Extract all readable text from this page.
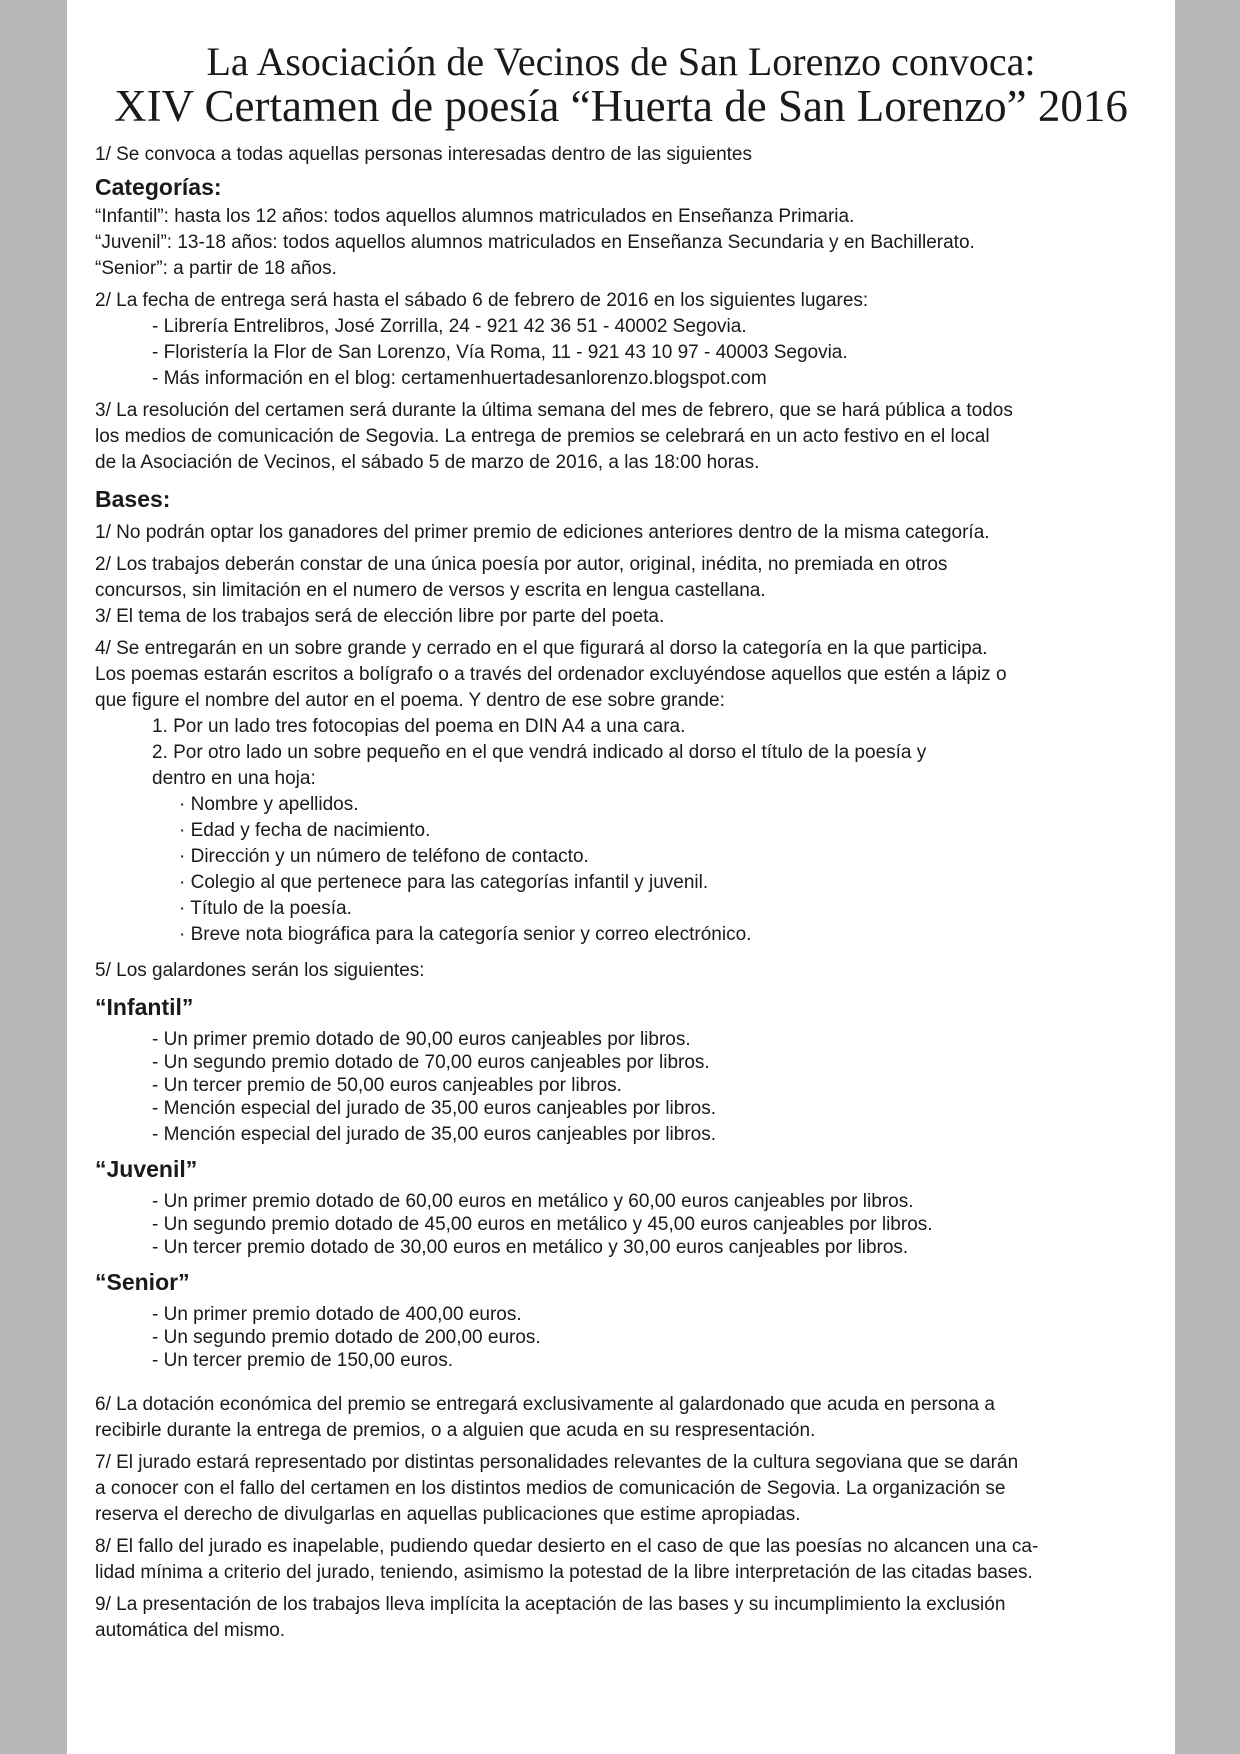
La Asociación de Vecinos de San Lorenzo convoca:
XIV Certamen de poesía “Huerta de San Lorenzo” 2016

1/ Se convoca a todas aquellas personas interesadas dentro de las siguientes

Categorías:

“Infantil”: hasta los 12 años: todos aquellos alumnos matriculados en Enseñanza Primaria.

“Juvenil”: 13-18 años: todos aquellos alumnos matriculados en Enseñanza Secundaria y en Bachillerato.

“Senior”: a partir de 18 años.

2/ La fecha de entrega será hasta el sábado 6 de febrero de 2016 en los siguientes lugares:

- Librería Entrelibros, José Zorrilla, 24 - 921 42 36 51 - 40002 Segovia.

- Floristería la Flor de San Lorenzo, Vía Roma, 11 - 921 43 10 97 - 40003 Segovia.

- Más información en el blog: certamenhuertadesanlorenzo.blogspot.com

3/ La resolución del certamen será durante la última semana del mes de febrero, que se hará pública a todos

los medios de comunicación de Segovia. La entrega de premios se celebrará en un acto festivo en el local

de la Asociación de Vecinos, el sábado 5 de marzo de 2016, a las 18:00 horas.

Bases:

1/ No podrán optar los ganadores del primer premio de ediciones anteriores dentro de la misma categoría.

2/ Los trabajos deberán constar de una única poesía por autor, original, inédita, no premiada en otros

concursos, sin limitación en el numero de versos y escrita en lengua castellana.

3/ El tema de los trabajos será de elección libre por parte del poeta.

4/ Se entregarán en un sobre grande y cerrado en el que figurará al dorso la categoría en la que participa.

Los poemas estarán escritos a bolígrafo o a través del ordenador excluyéndose aquellos que estén a lápiz o

que figure el nombre del autor en el poema. Y dentro de ese sobre grande:

1. Por un lado tres fotocopias del poema en DIN A4 a una cara.

2. Por otro lado un sobre pequeño en el que vendrá indicado al dorso el título de la poesía y

dentro en una hoja:

· Nombre y apellidos.

· Edad y fecha de nacimiento.

· Dirección y un número de teléfono de contacto.

· Colegio al que pertenece para las categorías infantil y juvenil.

· Título de la poesía.

· Breve nota biográfica para la categoría senior y correo electrónico.

5/ Los galardones serán los siguientes:

“Infantil”

- Un primer premio dotado de 90,00 euros canjeables por libros.

- Un segundo premio dotado de 70,00 euros canjeables por libros.

- Un tercer premio de 50,00 euros canjeables por libros.

- Mención especial del jurado de 35,00 euros canjeables por libros.

- Mención especial del jurado de 35,00 euros canjeables por libros.

“Juvenil”

- Un primer premio dotado de 60,00 euros en metálico y 60,00 euros canjeables por libros.

- Un segundo premio dotado de 45,00 euros en metálico y 45,00 euros canjeables por libros.

- Un tercer premio dotado de 30,00 euros en metálico y 30,00 euros canjeables por libros.

“Senior”

- Un primer premio dotado de 400,00 euros.

- Un segundo premio dotado de 200,00 euros.

- Un tercer premio de 150,00 euros.

6/ La dotación económica del premio se entregará exclusivamente al galardonado que acuda en persona a

recibirle durante la entrega de premios, o a alguien que acuda en su respresentación.

7/ El jurado estará representado por distintas personalidades relevantes de la cultura segoviana que se darán

a conocer con el fallo del certamen en los distintos medios de comunicación de Segovia. La organización se

reserva el derecho de divulgarlas en aquellas publicaciones que estime apropiadas.

8/ El fallo del jurado es inapelable, pudiendo quedar desierto en el caso de que las poesías no alcancen una ca-

lidad mínima a criterio del jurado, teniendo, asimismo la potestad de la libre interpretación de las citadas bases.

9/ La presentación de los trabajos lleva implícita la aceptación de las bases y su incumplimiento la exclusión

automática del mismo.
